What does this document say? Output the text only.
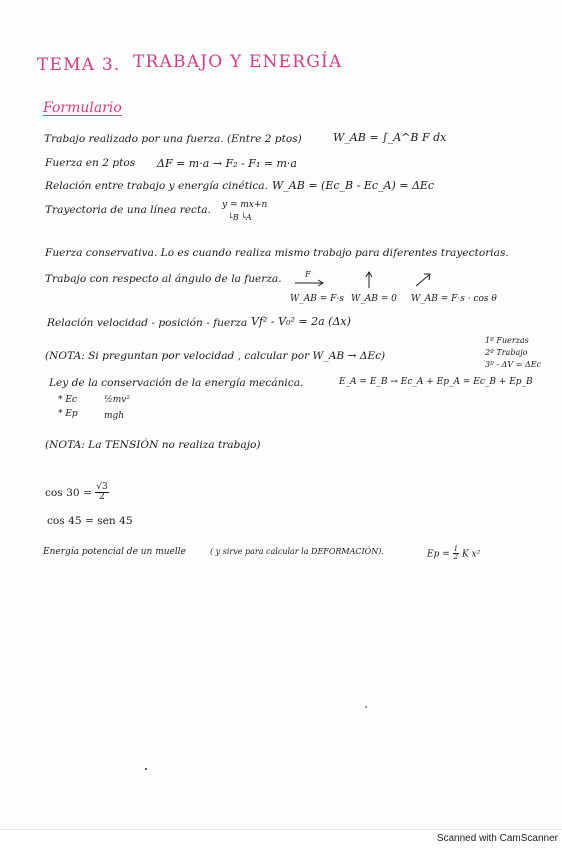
TEMA 3. TRABAJO Y ENERGÍA
Formulario
Trabajo realizado por una fuerza. (Entre 2 ptos)	W_AB = ∫_A^B F dx
Fuerza en 2 ptos ΔF = m·a → F₂ - F₁ = m·a
Relación entre trabajo y energía cinética. W_AB = (Ec_B - Ec_A) = ΔEc
Trayectoria de una línea recta. y = mx+n
└B └A
Fuerza conservativa. Lo es cuando realiza mismo trabajo para diferentes trayectorias.
Trabajo con respecto al ángulo de la fuerza.	F
W_AB = F·s W_AB = 0 W_AB = F·s · cos θ
Relación velocidad - posición - fuerza Vf² - V₀² = 2a (Δx)
(NOTA: Si preguntan por velocidad , calcular por W_AB → ΔEc)
1º Fuerzas
2º Trabajo
3º - ΔV = ΔEc
Ley de la conservación de la energía mecánica.	E_A = E_B → Ec_A + Ep_A = Ec_B + Ep_B
* Ec	½mv²
* Ep	mgh
(NOTA: La TENSIÓN no realiza trabajo)
$\cos 30 = \frac{√3}{2}$
cos 45 = sen 45
Energía potencial de un muelle	( y sirve para calcular la DEFORMACIÓN).	$Ep = \frac{1}{2}$ K x²
Scanned with CamScanner
